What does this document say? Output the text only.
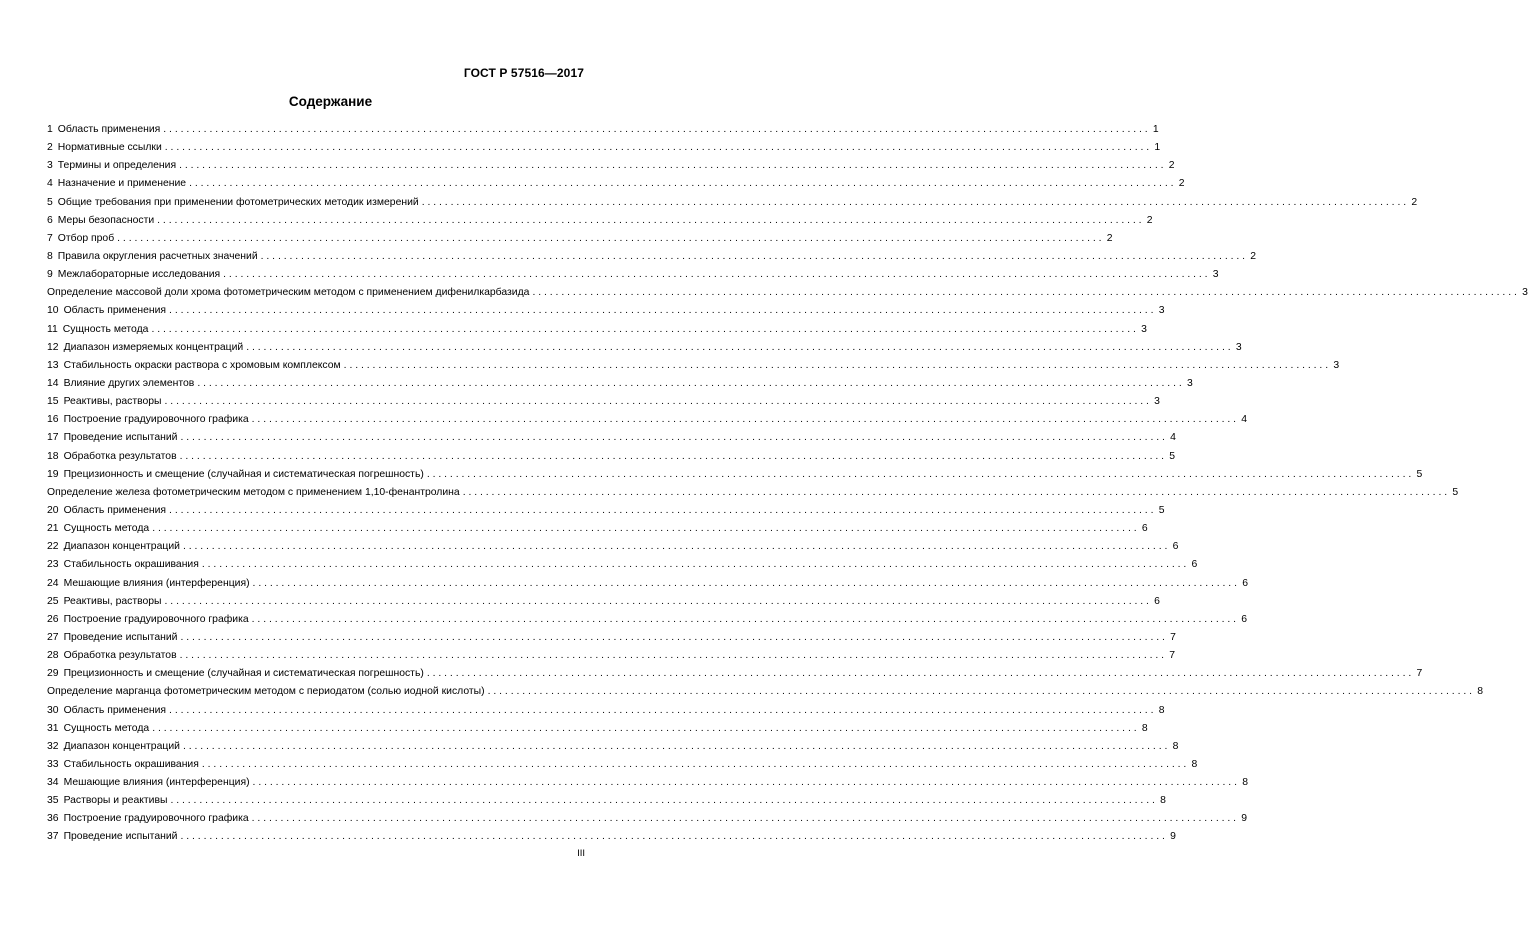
ГОСТ Р 57516—2017
Содержание
1 Область применения . . .	1
2 Нормативные ссылки . . .	1
3 Термины и определения . . .	2
4 Назначение и применение . . .	2
5 Общие требования при применении фотометрических методик измерений . . .	2
6 Меры безопасности . . .	2
7 Отбор проб . . .	2
8 Правила округления расчетных значений . . .	2
9 Межлабораторные исследования . . .	3
Определение массовой доли хрома фотометрическим методом с применением дифенилкарбазида . . .	3
10 Область применения . . .	3
11 Сущность метода . . .	3
12 Диапазон измеряемых концентраций . . .	3
13 Стабильность окраски раствора с хромовым комплексом . . .	3
14 Влияние других элементов . . .	3
15 Реактивы, растворы . . .	3
16 Построение градуировочного графика . . .	4
17 Проведение испытаний . . .	4
18 Обработка результатов . . .	5
19 Прецизионность и смещение (случайная и систематическая погрешность) . . .	5
Определение железа фотометрическим методом с применением 1,10-фенантролина . . .	5
20 Область применения . . .	5
21 Сущность метода . . .	6
22 Диапазон концентраций . . .	6
23 Стабильность окрашивания . . .	6
24 Мешающие влияния (интерференция) . . .	6
25 Реактивы, растворы . . .	6
26 Построение градуировочного графика . . .	6
27 Проведение испытаний . . .	7
28 Обработка результатов . . .	7
29 Прецизионность и смещение (случайная и систематическая погрешность) . . .	7
Определение марганца фотометрическим методом с периодатом (солью иодной кислоты) . . .	8
30 Область применения . . .	8
31 Сущность метода . . .	8
32 Диапазон концентраций . . .	8
33 Стабильность окрашивания . . .	8
34 Мешающие влияния (интерференция) . . .	8
35 Растворы и реактивы . . .	8
36 Построение градуировочного графика . . .	9
37 Проведение испытаний . . .	9
III
